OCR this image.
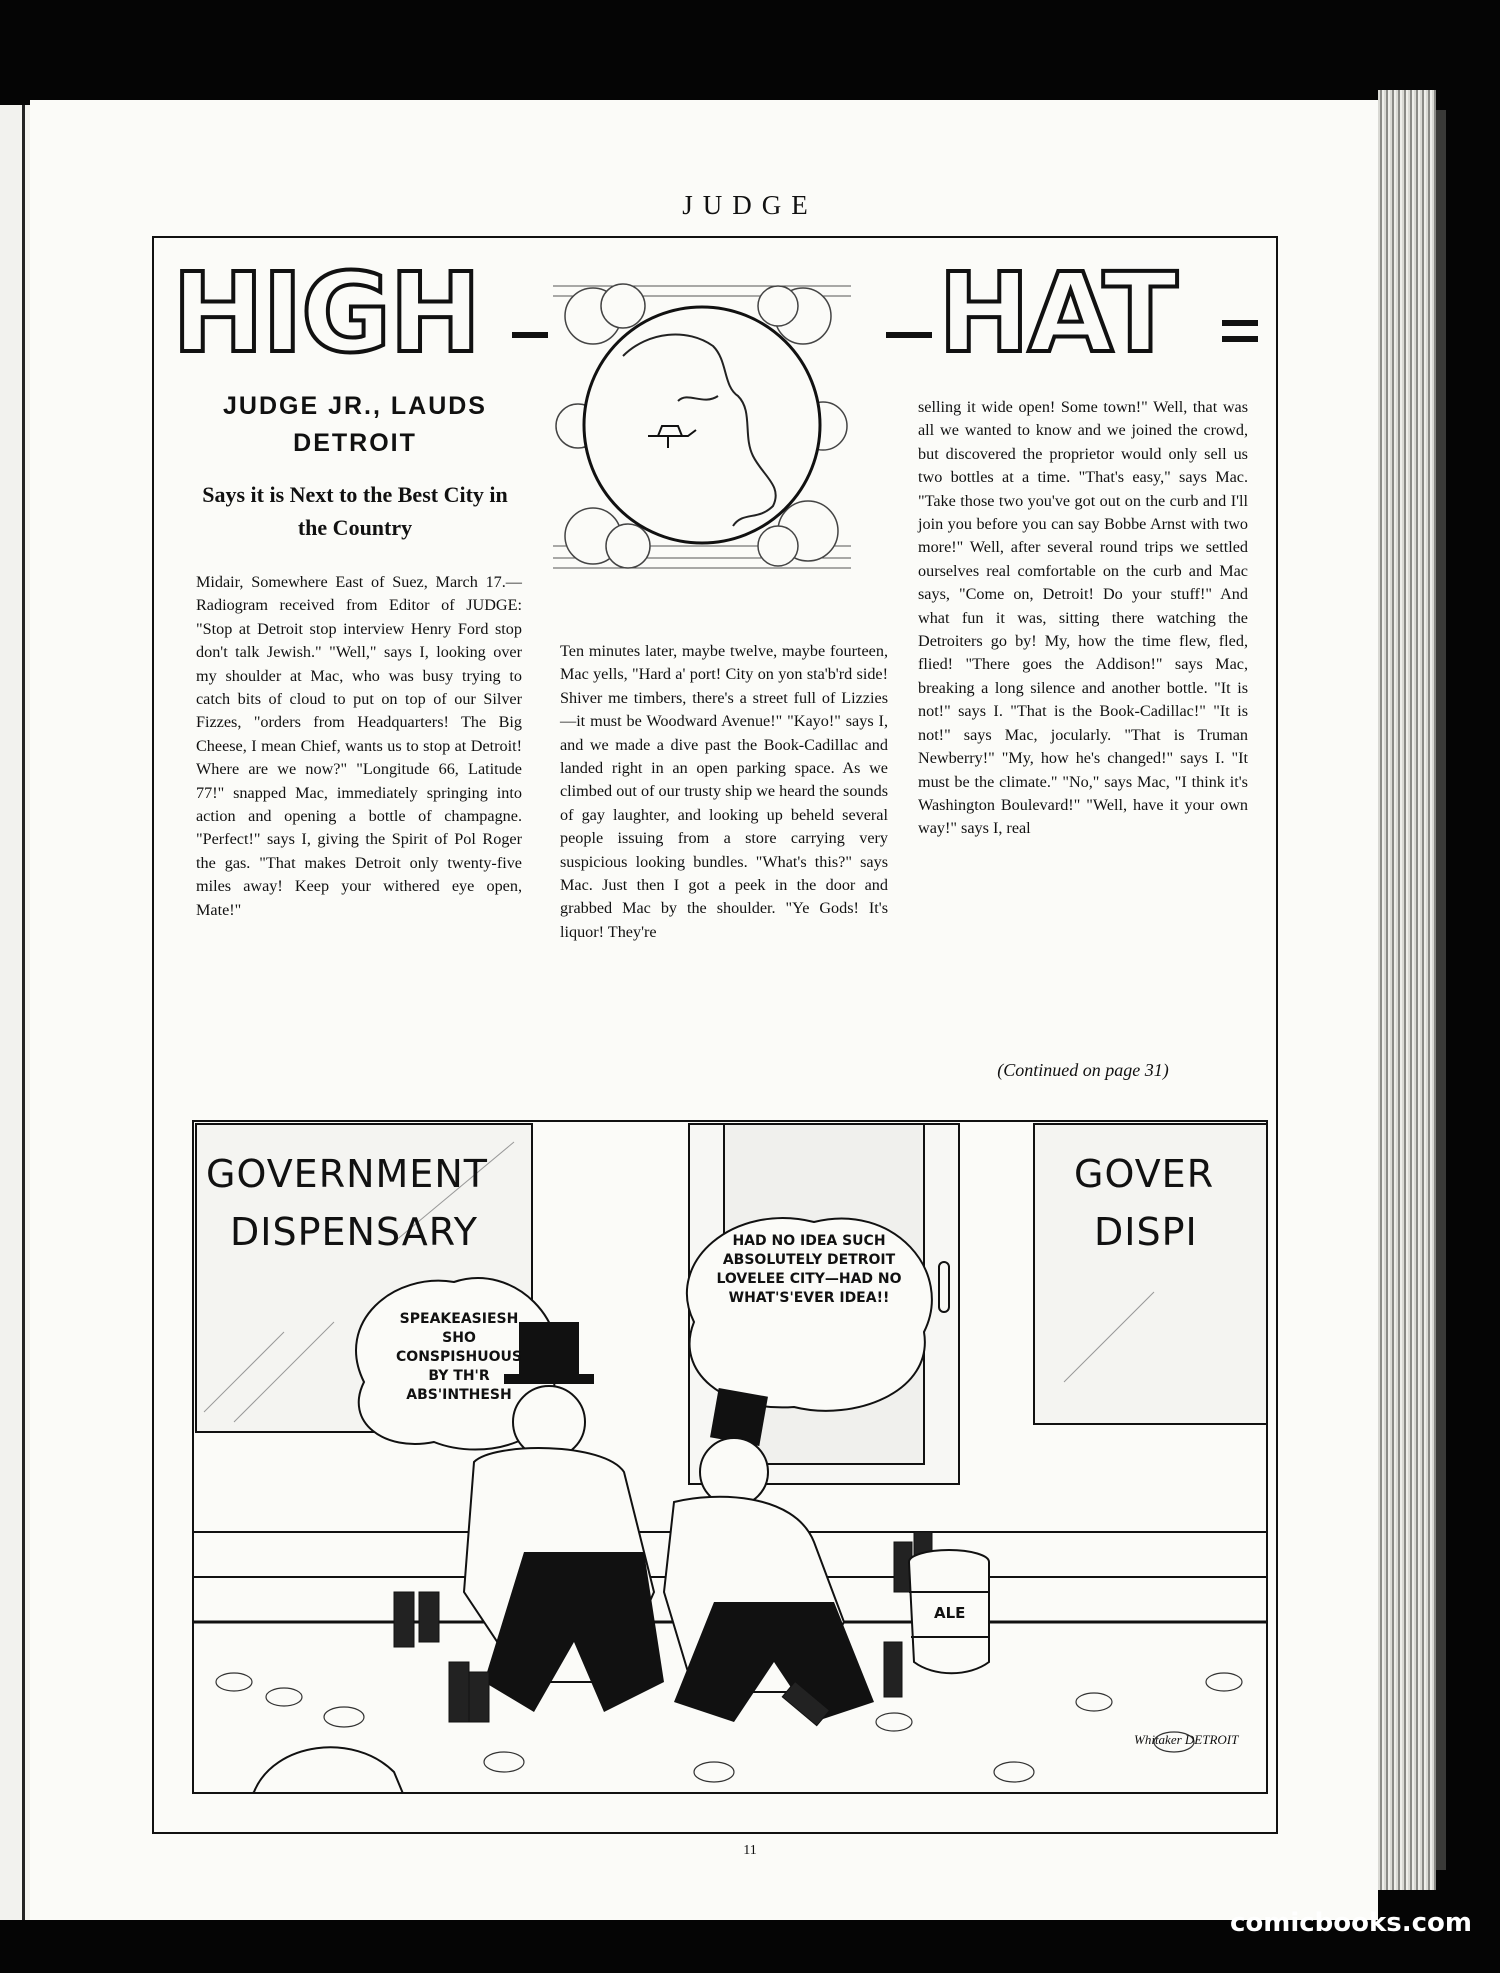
JUDGE
HIGH	HAT
JUDGE JR., LAUDS DETROIT
Says it is Next to the Best City in the Country

Midair, Somewhere East of Suez, March 17.—Radiogram received from Editor of JUDGE: "Stop at Detroit stop interview Henry Ford stop don't talk Jewish." "Well," says I, looking over my shoulder at Mac, who was busy trying to catch bits of cloud to put on top of our Silver Fizzes, "orders from Headquarters! The Big Cheese, I mean Chief, wants us to stop at Detroit! Where are we now?" "Longitude 66, Latitude 77!" snapped Mac, immediately springing into action and opening a bottle of champagne. "Perfect!" says I, giving the Spirit of Pol Roger the gas. "That makes Detroit only twenty-five miles away! Keep your withered eye open, Mate!"

Ten minutes later, maybe twelve, maybe fourteen, Mac yells, "Hard a' port! City on yon sta'b'rd side! Shiver me timbers, there's a street full of Lizzies—it must be Woodward Avenue!" "Kayo!" says I, and we made a dive past the Book-Cadillac and landed right in an open parking space. As we climbed out of our trusty ship we heard the sounds of gay laughter, and looking up beheld several people issuing from a store carrying very suspicious looking bundles. "What's this?" says Mac. Just then I got a peek in the door and grabbed Mac by the shoulder. "Ye Gods! It's liquor! They're

selling it wide open! Some town!" Well, that was all we wanted to know and we joined the crowd, but discovered the proprietor would only sell us two bottles at a time. "That's easy," says Mac. "Take those two you've got out on the curb and I'll join you before you can say Bobbe Arnst with two more!" Well, after several round trips we settled ourselves real comfortable on the curb and Mac says, "Come on, Detroit! Do your stuff!" And what fun it was, sitting there watching the Detroiters go by! My, how the time flew, fled, flied! "There goes the Addison!" says Mac, breaking a long silence and another bottle. "It is not!" says I. "That is the Book-Cadillac!" "It is not!" says Mac, jocularly. "That is Truman Newberry!" "My, how he's changed!" says I. "It must be the climate." "No," says Mac, "I think it's Washington Boulevard!" "Well, have it your own way!" says I, real

(Continued on page 31)
GOVERNMENT
DISPENSARY
GOVER
DISPI
SPEAKEASIESH SHO CONSPISHUOUS BY TH'R ABS'INTHESH
HAD NO IDEA SUCH ABSOLUTELY DETROIT LOVELEE CITY—HAD NO WHAT'S'EVER IDEA!!
ALE
Whitaker DETROIT
11
comicbooks.com
